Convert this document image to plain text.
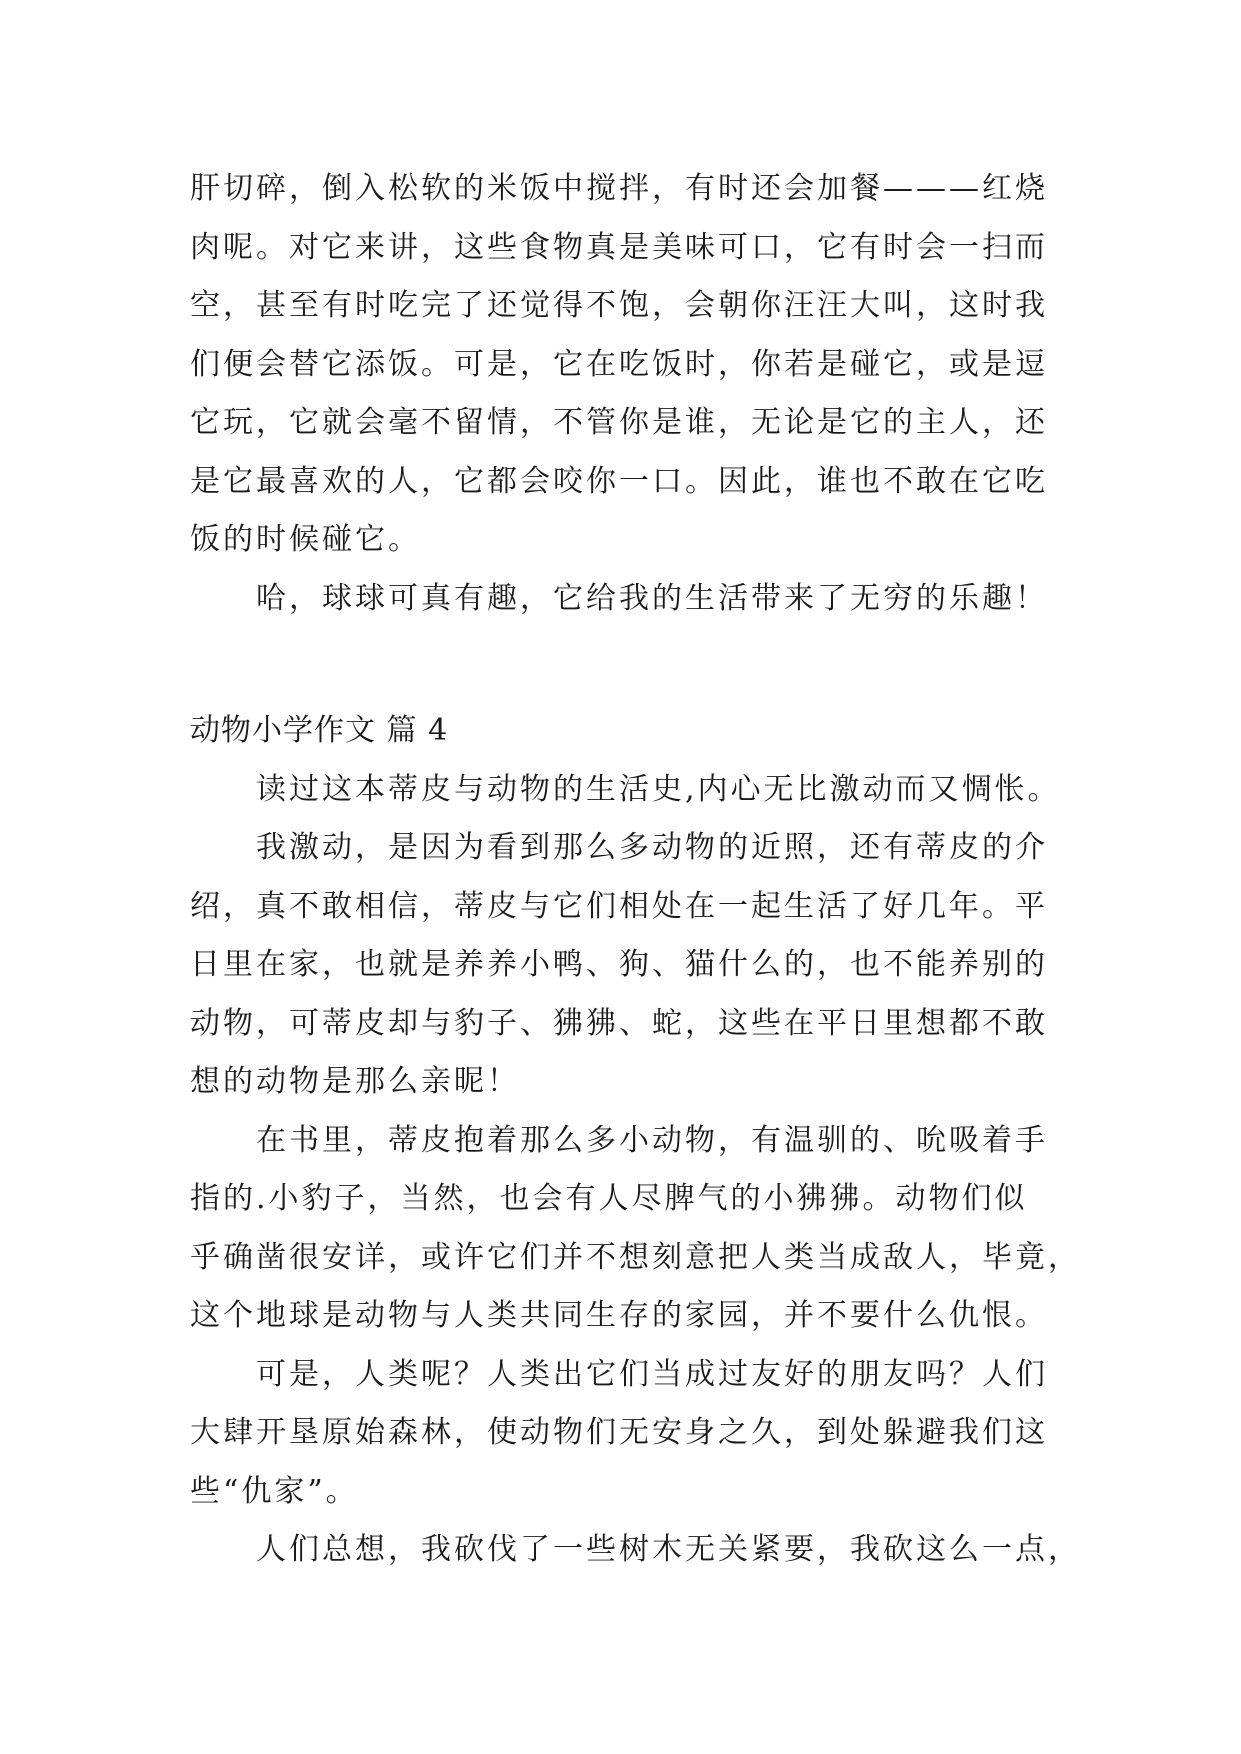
肝切碎，倒入松软的米饭中搅拌，有时还会加餐———红烧

肉呢。对它来讲，这些食物真是美味可口，它有时会一扫而

空，甚至有时吃完了还觉得不饱，会朝你汪汪大叫，这时我

们便会替它添饭。可是，它在吃饭时，你若是碰它，或是逗

它玩，它就会毫不留情，不管你是谁，无论是它的主人，还

是它最喜欢的人，它都会咬你一口。因此，谁也不敢在它吃

饭的时候碰它。

哈，球球可真有趣，它给我的生活带来了无穷的乐趣！

动物小学作文 篇 4

读过这本蒂皮与动物的生活史,内心无比激动而又惆怅。

我激动，是因为看到那么多动物的近照，还有蒂皮的介

绍，真不敢相信，蒂皮与它们相处在一起生活了好几年。平

日里在家，也就是养养小鸭、狗、猫什么的，也不能养别的

动物，可蒂皮却与豹子、狒狒、蛇，这些在平日里想都不敢

想的动物是那么亲昵！

在书里，蒂皮抱着那么多小动物，有温驯的、吮吸着手

指的.小豹子，当然，也会有人尽脾气的小狒狒。动物们似

乎确凿很安详，或许它们并不想刻意把人类当成敌人，毕竟，

这个地球是动物与人类共同生存的家园，并不要什么仇恨。

可是，人类呢？人类出它们当成过友好的朋友吗？人们

大肆开垦原始森林，使动物们无安身之久，到处躲避我们这

些“仇家”。

人们总想，我砍伐了一些树木无关紧要，我砍这么一点，
